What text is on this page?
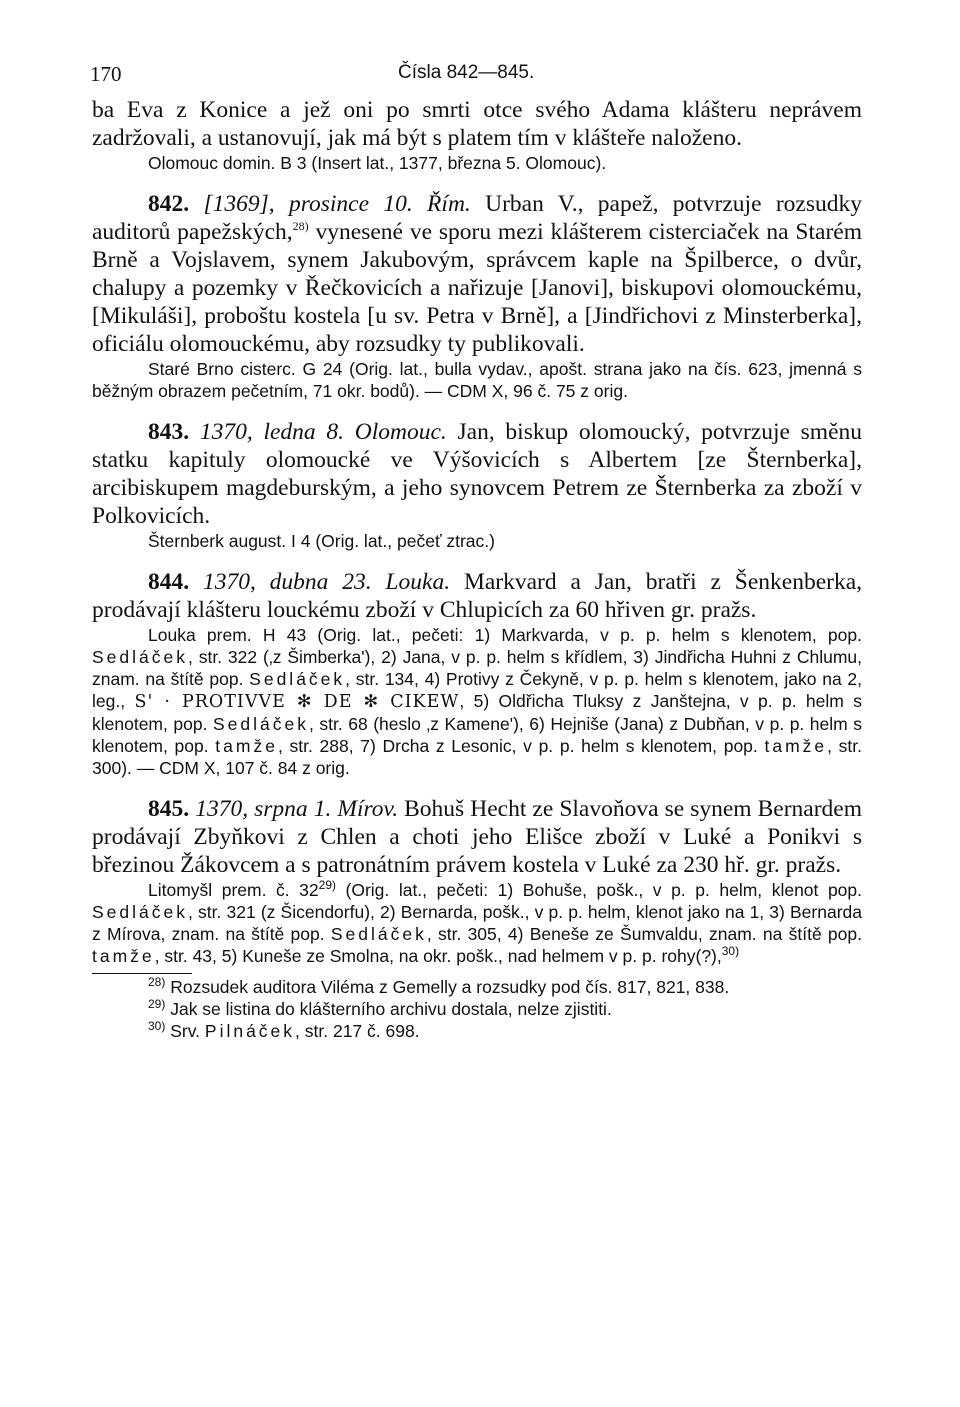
170	Čísla 842—845.

ba Eva z Konice a jež oni po smrti otce svého Adama klášteru neprávem zadržovali, a ustanovují, jak má být s platem tím v klášteře naloženo.

Olomouc domin. B 3 (Insert lat., 1377, března 5. Olomouc).

842. [1369], prosince 10. Řím. Urban V., papež, potvrzuje rozsudky auditorů papežských,$^{28)}$ vynesené ve sporu mezi klášterem cisterciaček na Starém Brně a Vojslavem, synem Jakubovým, správcem kaple na Špilberce, o dvůr, chalupy a pozemky v Řečkovicích a nařizuje [Janovi], biskupovi olomouckému, [Mikuláši], proboštu kostela [u sv. Petra v Brně], a [Jindřichovi z Minsterberka], oficiálu olomouckému, aby rozsudky ty publikovali.

Staré Brno cisterc. G 24 (Orig. lat., bulla vydav., apošt. strana jako na čís. 623, jmenná s běžným obrazem pečetním, 71 okr. bodů). — CDM X, 96 č. 75 z orig.

843. 1370, ledna 8. Olomouc. Jan, biskup olomoucký, potvrzuje směnu statku kapituly olomoucké ve Výšovicích s Albertem [ze Šternberka], arcibiskupem magdeburským, a jeho synovcem Petrem ze Šternberka za zboží v Polkovicích.

Šternberk august. I 4 (Orig. lat., pečeť ztrac.)

844. 1370, dubna 23. Louka. Markvard a Jan, bratři z Šenkenberka, prodávají klášteru louckému zboží v Chlupicích za 60 hřiven gr. pražs.

Louka prem. H 43 (Orig. lat., pečeti: 1) Markvarda, v p. p. helm s klenotem, pop. Sedláček, str. 322 (‚z Šimberka'), 2) Jana, v p. p. helm s křídlem, 3) Jindřicha Huhni z Chlumu, znam. na štítě pop. Sedláček, str. 134, 4) Protivy z Čekyně, v p. p. helm s klenotem, jako na 2, leg., S' · PROTIVVE ✻ DE ✻ CIKEW, 5) Oldřicha Tluksy z Janštejna, v p. p. helm s klenotem, pop. Sedláček, str. 68 (heslo ‚z Kamene'), 6) Hejniše (Jana) z Dubňan, v p. p. helm s klenotem, pop. tamže, str. 288, 7) Drcha z Lesonic, v p. p. helm s klenotem, pop. tamže, str. 300). — CDM X, 107 č. 84 z orig.

845. 1370, srpna 1. Mírov. Bohuš Hecht ze Slavoňova se synem Bernardem prodávají Zbyňkovi z Chlen a choti jeho Elišce zboží v Luké a Ponikvi s březinou Žákovcem a s patronátním právem kostela v Luké za 230 hř. gr. pražs.

Litomyšl prem. č. 32$^{29)}$ (Orig. lat., pečeti: 1) Bohuše, pošk., v p. p. helm, klenot pop. Sedláček, str. 321 (z Šicendorfu), 2) Bernarda, pošk., v p. p. helm, klenot jako na 1, 3) Bernarda z Mírova, znam. na štítě pop. Sedláček, str. 305, 4) Beneše ze Šumvaldu, znam. na štítě pop. tamže, str. 43, 5) Kuneše ze Smolna, na okr. pošk., nad helmem v p. p. rohy(?),$^{30)}$

$^{28)}$ Rozsudek auditora Viléma z Gemelly a rozsudky pod čís. 817, 821, 838.

$^{29)}$ Jak se listina do klášterního archivu dostala, nelze zjistiti.

$^{30)}$ Srv. Pilnáček, str. 217 č. 698.
